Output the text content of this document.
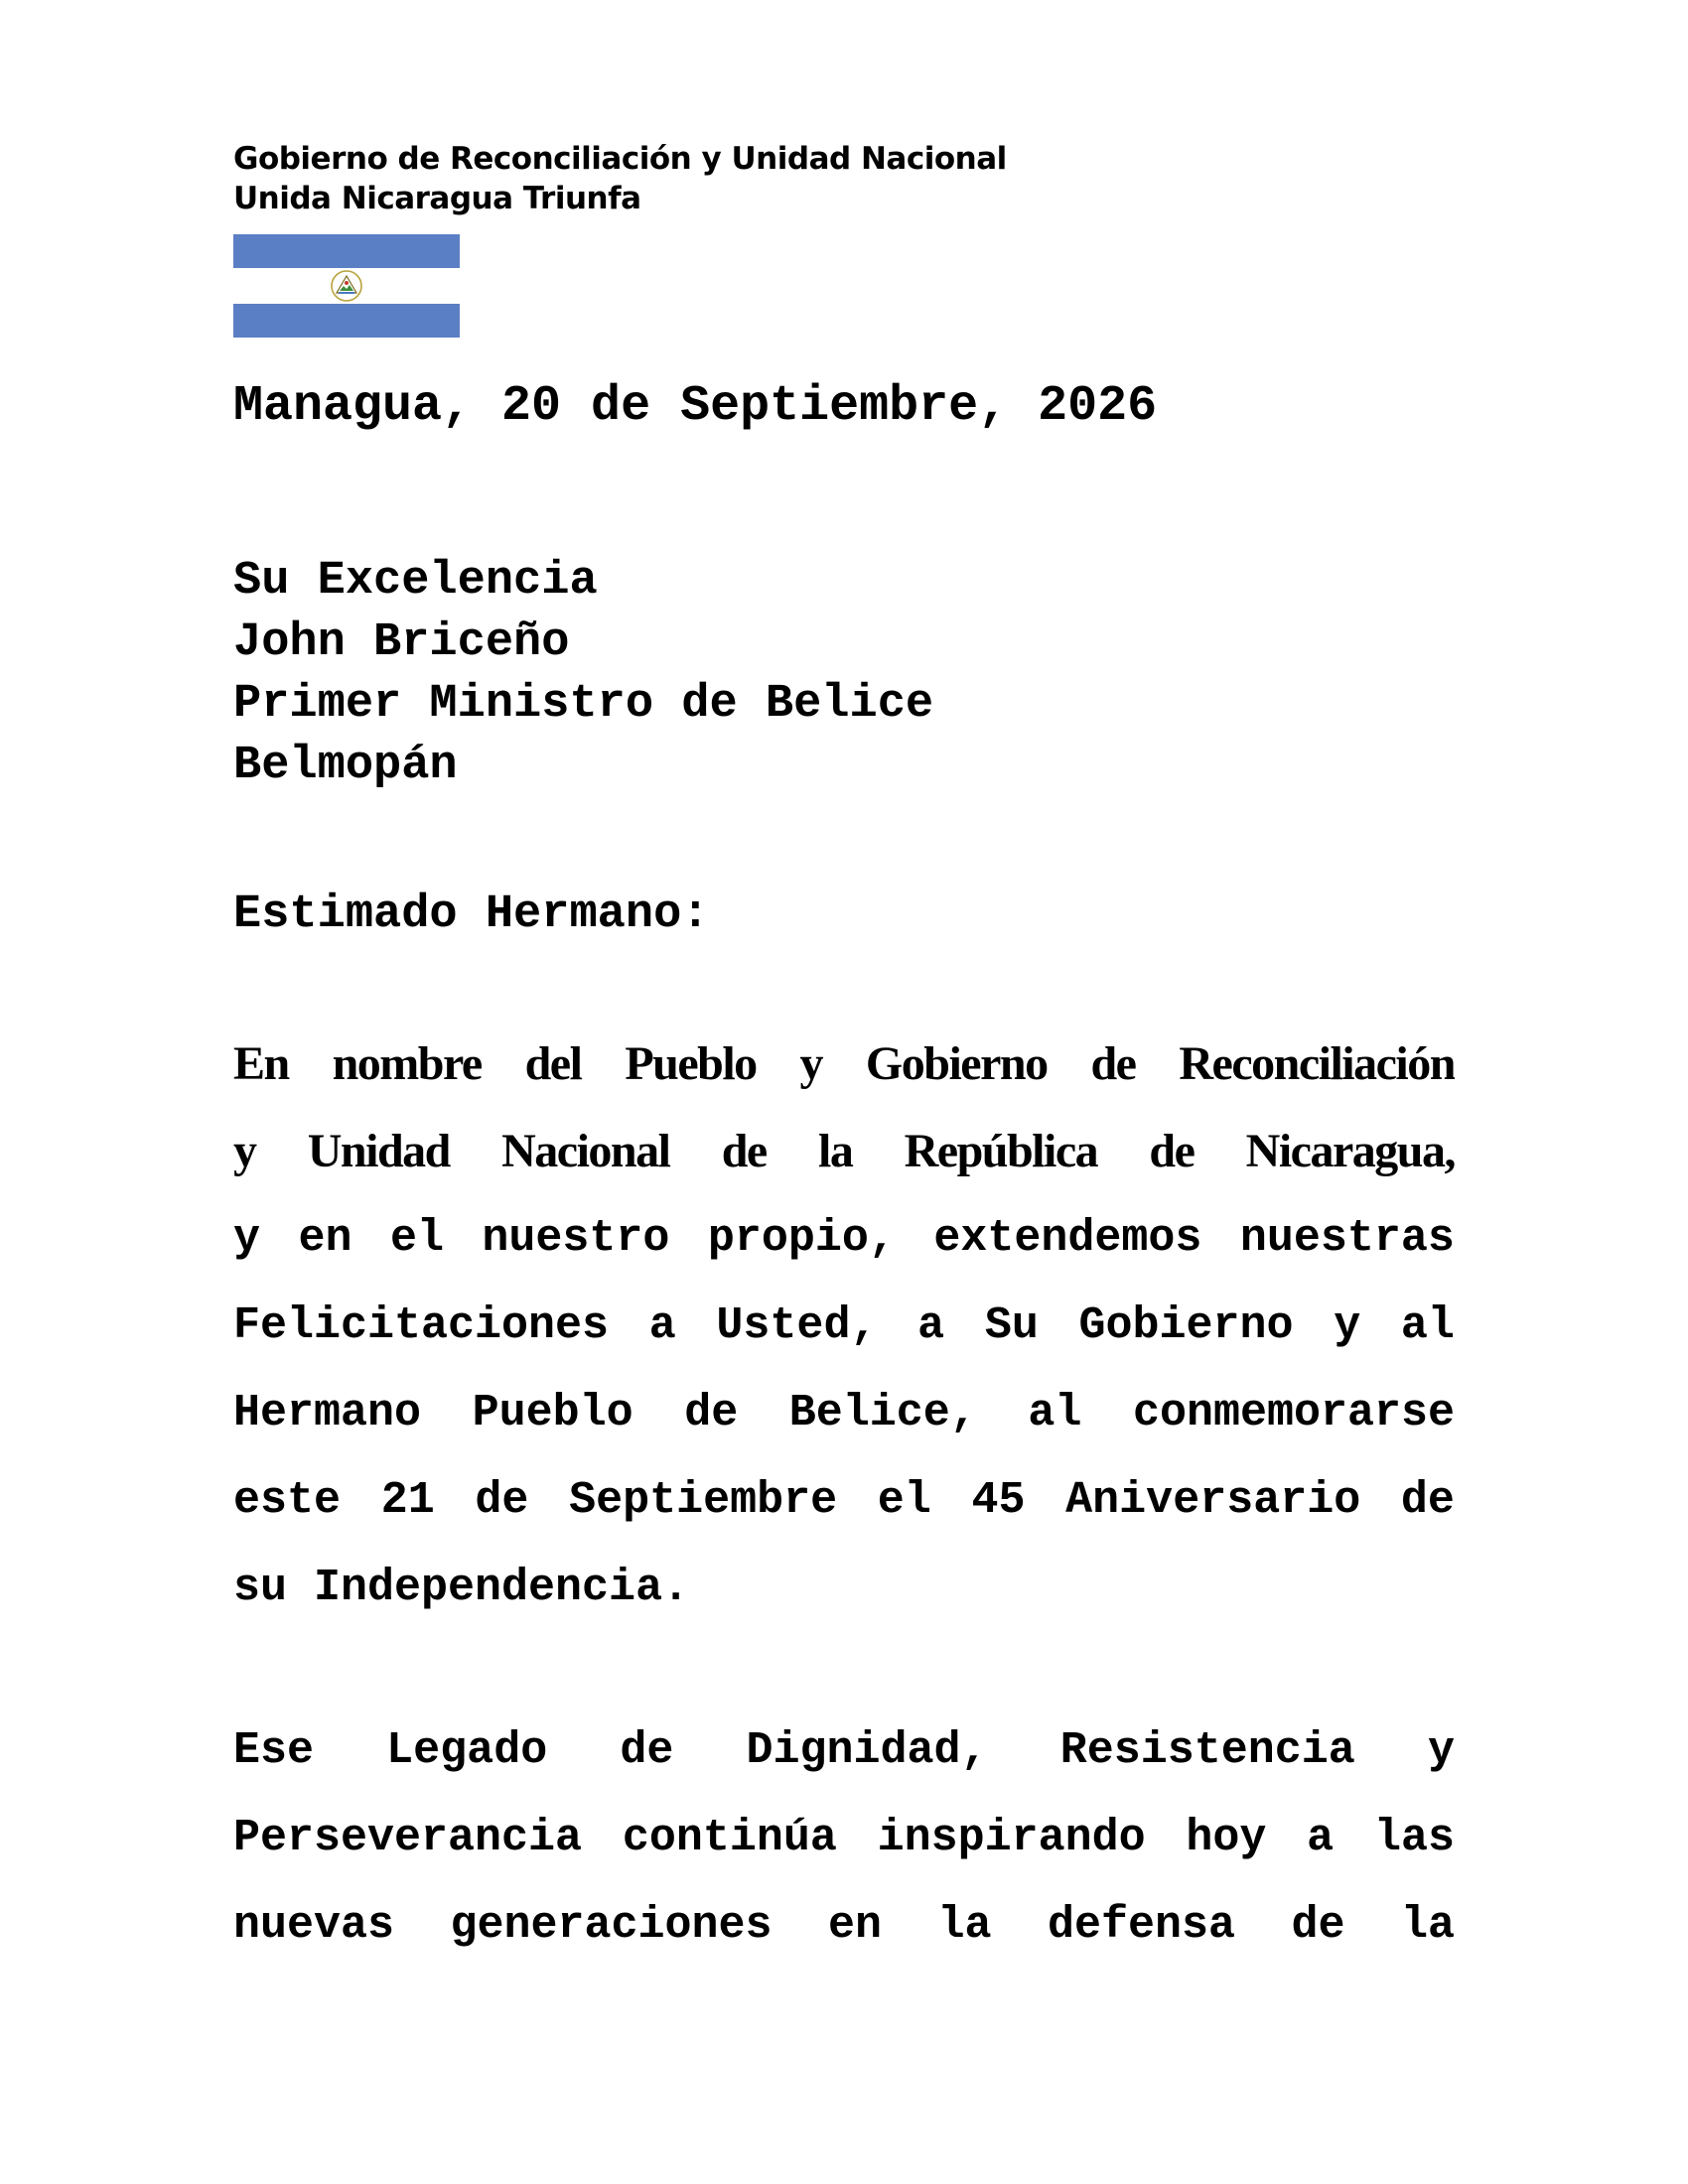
Gobierno de Reconciliación y Unidad Nacional
Unida Nicaragua Triunfa
Managua, 20 de Septiembre, 2026
Su Excelencia
John Briceño
Primer Ministro de Belice
Belmopán
Estimado Hermano:
En nombre del Pueblo y Gobierno de Reconciliación
y Unidad Nacional de la República de Nicaragua,
y en el nuestro propio, extendemos nuestras
Felicitaciones a Usted, a Su Gobierno y al
Hermano Pueblo de Belice, al conmemorarse
este 21 de Septiembre el 45 Aniversario de
su Independencia.
Ese Legado de Dignidad, Resistencia y
Perseverancia continúa inspirando hoy a las
nuevas generaciones en la defensa de la
